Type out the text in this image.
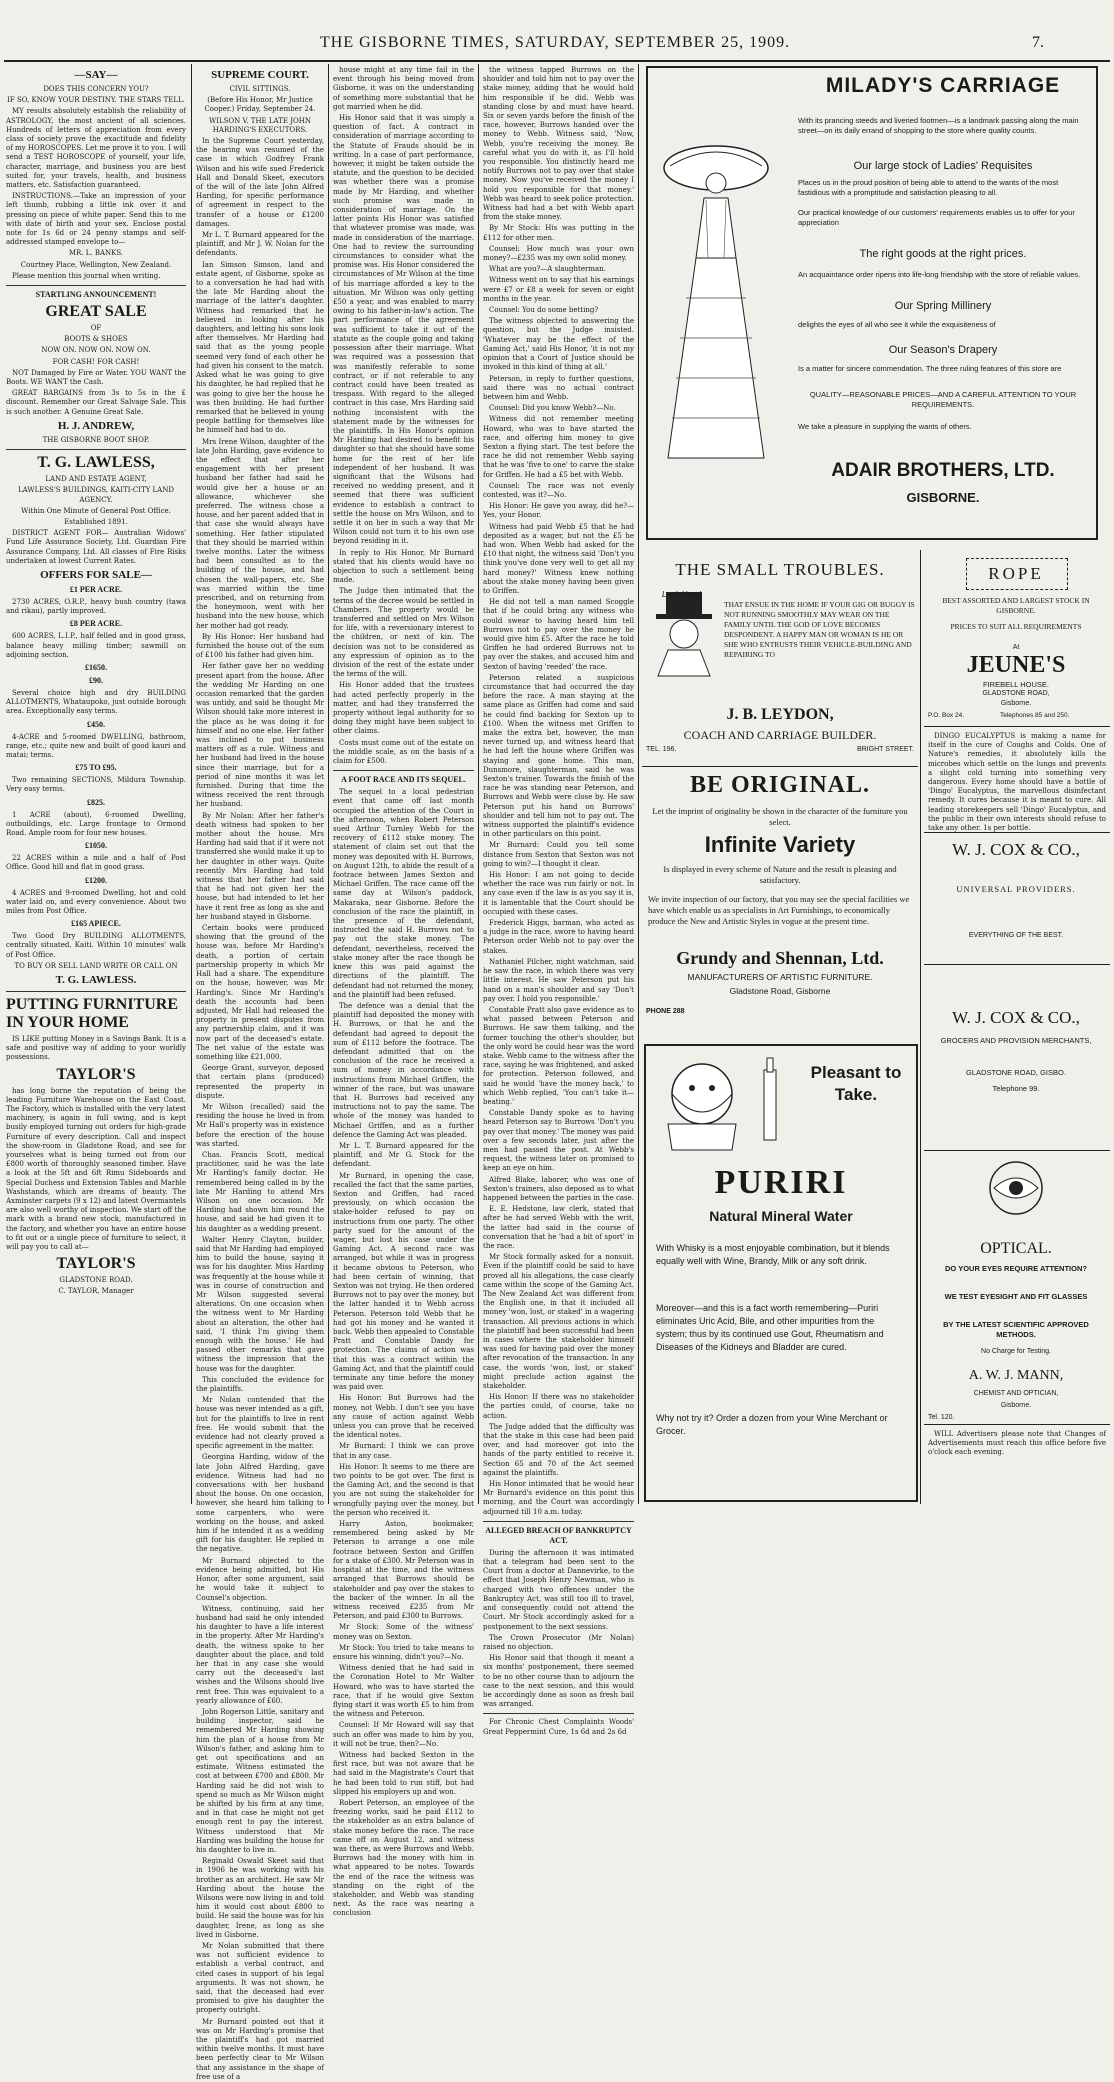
THE GISBORNE TIMES, SATURDAY, SEPTEMBER 25, 1909.	7.
—SAY—

DOES THIS CONCERN YOU?

IF SO, KNOW YOUR DESTINY. THE STARS TELL.

MY results absolutely establish the reliability of ASTROLOGY, the most ancient of all sciences. Hundreds of letters of appreciation from every class of society prove the exactitude and fidelity of my HOROSCOPES. Let me prove it to you. I will send a TEST HOROSCOPE of yourself, your life, character, marriage, and business you are best suited for, your travels, health, and business matters, etc. Satisfaction guaranteed.

INSTRUCTIONS.—Take an impression of your left thumb, rubbing a little ink over it and pressing on piece of white paper. Send this to me with date of birth and your sex. Enclose postal note for 1s 6d or 24 penny stamps and self-addressed stamped envelope to—

MR. L. BANKS.

Courtney Place, Wellington, New Zealand.

Please mention this journal when writing.

STARTLING ANNOUNCEMENT!
GREAT SALE

OF

BOOTS & SHOES

NOW ON. NOW ON. NOW ON.

FOR CASH! FOR CASH!

NOT Damaged by Fire or Water. YOU WANT the Boots. WE WANT the Cash.

GREAT BARGAINS from 3s to 5s in the £ discount. Remember our Great Salvage Sale. This is such another. A Genuine Great Sale.

H. J. ANDREW,

THE GISBORNE BOOT SHOP.

T. G. LAWLESS,

LAND AND ESTATE AGENT,

LAWLESS'S BUILDINGS, KAITI-CITY LAND AGENCY.

Within One Minute of General Post Office.

Established 1891.

DISTRICT AGENT FOR— Australian Widows' Fund Life Assurance Society, Ltd. Guardian Fire Assurance Company, Ltd. All classes of Fire Risks undertaken at lowest Current Rates.

OFFERS FOR SALE—
£1 PER ACRE.

2730 ACRES, O.R.P., heavy bush country (tawa and rikau), partly improved.

£8 PER ACRE.

600 ACRES, L.I.P., half felled and in good grass, balance heavy milling timber; sawmill on adjoining section.

£1650.
£90.

Several choice high and dry BUILDING ALLOTMENTS, Whataupoko, just outside borough area. Exceptionally easy terms.

£450.

4-ACRE and 5-roomed DWELLING, bathroom, range, etc.; quite new and built of good kauri and matai; terms.

£75 TO £95.

Two remaining SECTIONS, Mildura Township. Very easy terms.

£825.

1 ACRE (about), 6-roomed Dwelling, outbuildings, etc. Large frontage to Ormond Road. Ample room for four new houses.

£1050.

22 ACRES within a mile and a half of Post Office. Good hill and flat in good grass.

£1200.

4 ACRES and 9-roomed Dwelling, hot and cold water laid on, and every convenience. About two miles from Post Office.

£165 APIECE.

Two Good Dry BUILDING ALLOTMENTS, centrally situated, Kaiti. Within 10 minutes' walk of Post Office.

TO BUY OR SELL LAND WRITE OR CALL ON

T. G. LAWLESS.
PUTTING FURNITURE IN YOUR HOME

IS LIKE putting Money in a Savings Bank. It is a safe and positive way of adding to your worldly possessions.

TAYLOR'S

has long borne the reputation of being the leading Furniture Warehouse on the East Coast. The Factory, which is installed with the very latest machinery, is again in full swing, and is kept busily employed turning out orders for high-grade Furniture of every description. Call and inspect the show-room in Gladstone Road, and see for yourselves what is being turned out from our £800 worth of thoroughly seasoned timber. Have a look at the 5ft and 6ft Rimu Sideboards and Special Duchess and Extension Tables and Marble Washstands, which are dreams of beauty. The Axminster carpets (9 x 12) and latest Overmantels are also well worthy of inspection. We start off the mark with a brand new stock, manufactured in the factory, and whether you have an entire house to fit out or a single piece of furniture to select, it will pay you to call at—

TAYLOR'S

GLADSTONE ROAD.

C. TAYLOR, Manager

SUPREME COURT.

CIVIL SITTINGS.

(Before His Honor, Mr Justice Cooper.) Friday, September 24.

WILSON V. THE LATE JOHN HARDING'S EXECUTORS.

In the Supreme Court yesterday, the hearing was resumed of the case in which Godfrey Frank Wilson and his wife sued Frederick Hall and Donald Skeet, executors of the will of the late John Alfred Harding, for specific performance of agreement in respect to the transfer of a house or £1200 damages.

Mr L. T. Burnard appeared for the plaintiff, and Mr J. W. Nolan for the defendants.

Ian Simson Simson, land and estate agent, of Gisborne, spoke as to a conversation he had had with the late Mr Harding about the marriage of the latter's daughter. Witness had remarked that he believed in looking after his daughters, and letting his sons look after themselves. Mr Harding had said that as the young people seemed very fond of each other he had given his consent to the match. Asked what he was going to give his daughter, he had replied that he was going to give her the house he was then building. He had further remarked that he believed in young people battling for themselves like he himself had had to do.

Mrs Irene Wilson, daughter of the late John Harding, gave evidence to the effect that after her engagement with her present husband her father had said he would give her a house or an allowance, whichever she preferred. The witness chose a house, and her parent added that in that case she would always have something. Her father stipulated that they should be married within twelve months. Later the witness had been consulted as to the building of the house, and had chosen the wall-papers, etc. She was married within the time prescribed, and on returning from the honeymoon, went with her husband into the new house, which her mother had got ready.

By His Honor: Her husband had furnished the house out of the sum of £100 his father had given him.

Her father gave her no wedding present apart from the house. After the wedding Mr Harding on one occasion remarked that the garden was untidy, and said he thought Mr Wilson should take more interest in the place as he was doing it for himself and no one else. Her father was inclined to put business matters off as a rule. Witness and her husband had lived in the house since their marriage, but for a period of nine months it was let furnished. During that time the witness received the rent through her husband.

By Mr Nolan: After her father's death witness had spoken to her mother about the house. Mrs Harding had said that if it were not transferred she would make it up to her daughter in other ways. Quite recently Mrs Harding had told witness that her father had said that he had not given her the house, but had intended to let her have it rent free as long as she and her husband stayed in Gisborne.

Certain books were produced showing that the ground of the house was, before Mr Harding's death, a portion of certain partnership property in which Mr Hall had a share. The expenditure on the house, however, was Mr Harding's. Since Mr Harding's death the accounts had been adjusted, Mr Hall had released the property in present disputes from any partnership claim, and it was now part of the deceased's estate. The net value of the estate was something like £21,000.

George Grant, surveyor, deposed that certain plans (produced) represented the property in dispute.

Mr Wilson (recalled) said the residing the house he lived in from Mr Hall's property was in existence before the erection of the house was started.

Chas. Francis Scott, medical practitioner, said he was the late Mr Harding's family doctor. He remembered being called in by the late Mr Harding to attend Mrs Wilson on one occasion. Mr Harding had shown him round the house, and said he had given it to his daughter as a wedding present.

Walter Henry Clayton, builder, said that Mr Harding had employed him to build the house, saying it was for his daughter. Miss Harding was frequently at the house while it was in course of construction and Mr Wilson suggested several alterations. On one occasion when the witness went to Mr Harding about an alteration, the other had said, 'I think I'm giving them enough with the house.' He had passed other remarks that gave witness the impression that the house was for the daughter.

This concluded the evidence for the plaintiffs.

Mr Nolan contended that the house was never intended as a gift, but for the plaintiffs to live in rent free. He would submit that the evidence had not clearly proved a specific agreement in the matter.

Georgina Harding, widow of the late John Alfred Harding, gave evidence. Witness had had no conversations with her husband about the house. On one occasion, however, she heard him talking to some carpenters, who were working on the house, and asked him if he intended it as a wedding gift for his daughter. He replied in the negative.

Mr Burnard objected to the evidence being admitted, but His Honor, after some argument, said he would take it subject to Counsel's objection.

Witness, continuing, said her husband had said he only intended his daughter to have a life interest in the property. After Mr Harding's death, the witness spoke to her daughter about the place, and told her that in any case she would carry out the deceased's last wishes and the Wilsons should live rent free. This was equivalent to a yearly allowance of £60.

John Rogerson Little, sanitary and building inspector, said he remembered Mr Harding showing him the plan of a house from Mr Wilson's father, and asking him to get out specifications and an estimate. Witness estimated the cost at between £700 and £800. Mr Harding said he did not wish to spend so much as Mr Wilson might be shifted by his firm at any time, and in that case he might not get enough rent to pay the interest. Witness understood that Mr Harding was building the house for his daughter to live in.

Reginald Oswald Skeet said that in 1906 he was working with his brother as an architect. He saw Mr Harding about the house the Wilsons were now living in and told him it would cost about £800 to build. He said the house was for his daughter, Irene, as long as she lived in Gisborne.

Mr Nolan submitted that there was not sufficient evidence to establish a verbal contract, and cited cases in support of his legal arguments. It was not shown, he said, that the deceased had ever promised to give his daughter the property outright.

Mr Burnard pointed out that it was on Mr Harding's promise that the plaintiff's had got married within twelve months. It must have been perfectly clear to Mr Wilson that any assistance in the shape of free use of a

house might at any time fail in the event through his being moved from Gisborne, it was on the understanding of something more substantial that he got married when he did.

His Honor said that it was simply a question of fact. A contract in consideration of marriage according to the Statute of Frauds should be in writing. In a case of part performance, however, it might be taken outside the statute, and the question to be decided was whether there was a promise made by Mr Harding, and whether such promise was made in consideration of marriage. On the latter points His Honor was satisfied that whatever promise was made, was made in consideration of the marriage. One had to review the surrounding circumstances to consider what the promise was. His Honor considered the circumstances of Mr Wilson at the time of his marriage afforded a key to the situation. Mr Wilson was only getting £50 a year, and was enabled to marry owing to his father-in-law's action. The part performance of the agreement was sufficient to take it out of the statute as the couple going and taking possession after their marriage. What was required was a possession that was manifestly referable to some contract, or if not referable to any contract could have been treated as trespass. With regard to the alleged contract in this case, Mrs Harding said nothing inconsistent with the statement made by the witnesses for the plaintiffs. In His Honor's opinion Mr Harding had desired to benefit his daughter so that she should have some home for the rest of her life independent of her husband. It was significant that the Wilsons had received no wedding present, and it seemed that there was sufficient evidence to establish a contract to settle the house on Mrs Wilson, and to settle it on her in such a way that Mr Wilson could not turn it to his own use beyond residing in it.

In reply to His Honor, Mr Burnard stated that his clients would have no objection to such a settlement being made.

The Judge then intimated that the terms of the decree would be settled in Chambers. The property would be transferred and settled on Mrs Wilson for life, with a reversionary interest to the children, or next of kin. The decision was not to be considered as any expression of opinion as to the division of the rest of the estate under the terms of the will.

His Honor added that the trustees had acted perfectly properly in the matter, and had they transferred the property without legal authority for so doing they might have been subject to other claims.

Costs must come out of the estate on the middle scale, as on the basis of a claim for £500.

A FOOT RACE AND ITS SEQUEL.

The sequel to a local pedestrian event that came off last month occupied the attention of the Court in the afternoon, when Robert Peterson sued Arthur Turnley Webb for the recovery of £112 stake money. The statement of claim set out that the money was deposited with H. Burrows, on August 12th, to abide the result of a footrace between James Sexton and Michael Griffen. The race came off the same day at Wilson's paddock, Makaraka, near Gisborne. Before the conclusion of the race the plaintiff, in the presence of the defendant, instructed the said H. Burrows not to pay out the stake money. The defendant, nevertheless, received the stake money after the race though he knew this was paid against the directions of the plaintiff. The defendant had not returned the money, and the plaintiff had been refused.

The defence was a denial that the plaintiff had deposited the money with H. Burrows, or that he and the defendant had agreed to deposit the sum of £112 before the footrace. The defendant admitted that on the conclusion of the race he received a sum of money in accordance with instructions from Michael Griffen, the winner of the race, but was unaware that H. Burrows had received any instructions not to pay the same. The whole of the money was handed to Michael Griffen, and as a further defence the Gaming Act was pleaded.

Mr L. T. Burnard appeared for the plaintiff, and Mr G. Stock for the defendant.

Mr Burnard, in opening the case, recalled the fact that the same parties, Sexton and Griffen, had raced previously, on which occasion the stake-holder refused to pay on instructions from one party. The other party sued for the amount of the wager, but lost his case under the Gaming Act. A second race was arranged, but while it was in progress it became obvious to Peterson, who had been certain of winning, that Sexton was not trying. He then ordered Burrows not to pay over the money, but the latter handed it to Webb across Peterson. Peterson told Webb that he had got his money and he wanted it back. Webb then appealed to Constable Pratt and Constable Dandy for protection. The claims of action was that this was a contract within the Gaming Act, and that the plaintiff could terminate any time before the money was paid over.

His Honor: But Burrows had the money, not Webb. I don't see you have any cause of action against Webb unless you can prove that he received the identical notes.

Mr Burnard: I think we can prove that in any case.

His Honor: It seems to me there are two points to be got over. The first is the Gaming Act, and the second is that you are not suing the stakeholder for wrongfully paying over the money, but the person who received it.

Harry Aston, bookmaker, remembered being asked by Mr Peterson to arrange a one mile footrace between Sexton and Griffen for a stake of £300. Mr Peterson was in hospital at the time, and the witness arranged that Burrows should be stakeholder and pay over the stakes to the backer of the winner. In all the witness received £235 from Mr Peterson, and paid £300 to Burrows.

Mr Stock: Some of the witness' money was on Sexton.

Mr Stock: You tried to take means to ensure his winning, didn't you?—No.

Witness denied that he had said in the Coronation Hotel to Mr Walter Howard, who was to have started the race, that if he would give Sexton flying start it was worth £5 to him from the witness and Peterson.

Counsel: If Mr Howard will say that such an offer was made to him by you, it will not be true, then?—No.

Witness had backed Sexton in the first race, but was not aware that he had said in the Magistrate's Court that he had been told to run stiff, but had slipped his employers up and won.

Robert Peterson, an employee of the freezing works, said he paid £112 to the stakeholder as an extra balance of stake money before the race. The race came off on August 12, and witness was there, as were Burrows and Webb. Burrows had the money with him in what appeared to be notes. Towards the end of the race the witness was standing on the right of the stakeholder, and Webb was standing next. As the race was nearing a conclusion

the witness tapped Burrows on the shoulder and told him not to pay over the stake money, adding that he would hold him responsible if he did. Webb was standing close by and must have heard. Six or seven yards before the finish of the race, however, Burrows handed over the money to Webb. Witness said, 'Now, Webb, you're receiving the money. Be careful what you do with it, as I'll hold you responsible. You distinctly heard me notify Burrows not to pay over that stake money. Now you've received the money I hold you responsible for that money.' Webb was heard to seek police protection. Witness had had a bet with Webb apart from the stake money.

By Mr Stock: His was putting in the £112 for other men.

Counsel: How much was your own money?—£235 was my own solid money.

What are you?—A slaughterman.

Witness went on to say that his earnings were £7 or £8 a week for seven or eight months in the year.

Counsel: You do some betting?

The witness objected to answering the question, but the Judge insisted. 'Whatever may be the effect of the Gaming Act,' said His Honor, 'it is not my opinion that a Court of Justice should be invoked in this kind of thing at all.'

Peterson, in reply to further questions, said there was no actual contract between him and Webb.

Counsel: Did you know Webb?—No.

Witness did not remember meeting Howard, who was to have started the race, and offering him money to give Sexton a flying start. The test before the race he did not remember Webb saying that he was 'five to one' to carve the stake for Griffen. He had a £5 bet with Webb.

Counsel: The race was not evenly contested, was it?—No.

His Honor: He gave you away, did he?—Yes, your Honor.

Witness had paid Webb £5 that he had deposited as a wager, but not the £5 he had won. When Webb had asked for the £10 that night, the witness said 'Don't you think you've done very well to get all my hard money?' Witness knew nothing about the stake money having been given to Griffen.

He did not tell a man named Scoggle that if he could bring any witness who could swear to having heard him tell Burrows not to pay over the money he would give him £5. After the race he told Griffen he had ordered Burrows not to pay over the stakes, and accused him and Sexton of having 'reeded' the race.

Peterson related a suspicious circumstance that had occurred the day before the race. A man staying at the same place as Griffen had come and said he could find backing for Sexton up to £100. When the witness met Griffen to make the extra bet, however, the man never turned up, and witness heard that he had left the house where Griffen was staying and gone home. This man, Dunsmore, slaughterman, said he was Sexton's trainer. Towards the finish of the race he was standing near Peterson, and Burrows and Webb were close by. He saw Peterson put his hand on Burrows' shoulder and tell him not to pay out. The witness supported the plaintiff's evidence in other particulars on this point.

Mr Burnard: Could you tell some distance from Sexton that Sexton was not going to win?—I thought it clear.

His Honor: I am not going to decide whether the race was run fairly or not. In any case even if the law is as you say it is, it is lamentable that the Court should be occupied with these cases.

Frederick Higgs, barman, who acted as a judge in the race, swore to having heard Peterson order Webb not to pay over the stakes.

Nathaniel Pilcher, night watchman, said he saw the race, in which there was very little interest. He saw Peterson put his hand on a man's shoulder and say 'Don't pay over. I hold you responsible.'

Constable Pratt also gave evidence as to what passed between Peterson and Burrows. He saw them talking, and the former touching the other's shoulder, but the only word he could hear was the word stake. Webb came to the witness after the race, saying he was frightened, and asked for protection. Peterson followed, and said he would 'have the money back,' to which Webb replied, 'You can't take it—beating.'

Constable Dandy spoke as to having heard Peterson say to Burrows 'Don't you pay over that money.' The money was paid over a few seconds later, just after the men had passed the post. At Webb's request, the witness later on promised to keep an eye on him.

Alfred Blake, laborer, who was one of Sexton's trainers, also deposed as to what happened between the parties in the case.

E. E. Hedstone, law clerk, stated that after he had served Webb with the writ, the latter had said in the course of conversation that he 'had a bit of sport' in the race.

Mr Stock formally asked for a nonsuit. Even if the plaintiff could be said to have proved all his allegations, the case clearly came within the scope of the Gaming Act. The New Zealand Act was different from the English one, in that it included all money 'won, lost, or staked' in a wagering transaction. All previous actions in which the plaintiff had been successful had been in cases where the stakeholder himself was sued for having paid over the money after revocation of the transaction. In any case, the words 'won, lost, or staked' might preclude action against the stakeholder.

His Honor: If there was no stakeholder the parties could, of course, take no action.

The Judge added that the difficulty was that the stake in this case had been paid over, and had moreover got into the hands of the party entitled to receive it. Section 65 and 70 of the Act seemed against the plaintiffs.

His Honor intimated that he would hear Mr Burnard's evidence on this point this morning, and the Court was accordingly adjourned till 10 a.m. today.

ALLEGED BREACH OF BANKRUPTCY ACT.

During the afternoon it was intimated that a telegram had been sent to the Court from a doctor at Dannevirke, to the effect that Joseph Henry Newman, who is charged with two offences under the Bankruptcy Act, was still too ill to travel, and consequently could not attend the Court. Mr Stock accordingly asked for a postponement to the next sessions.

The Crown Prosecutor (Mr Nolan) raised no objection.

His Honor said that though it meant a six months' postponement, there seemed to be no other course than to adjourn the case to the next session, and this would be accordingly done as soon as fresh bail was arranged.

For Chronic Chest Complaints Woods' Great Peppermint Cure, 1s 6d and 2s 6d

MILADY'S CARRIAGE
With its prancing steeds and liveried footmen—is a landmark passing along the main street—on its daily errand of shopping to the store where quality counts.
Our large stock of Ladies' Requisites
Places us in the proud position of being able to attend to the wants of the most fastidious with a promptitude and satisfaction pleasing to all.
Our practical knowledge of our customers' requirements enables us to offer for your appreciation
The right goods at the right prices.
An acquaintance order ripens into life-long friendship with the store of reliable values.
Our Spring Millinery
delights the eyes of all who see it while the exquisiteness of
Our Season's Drapery
Is a matter for sincere commendation. The three ruling features of this store are
QUALITY—REASONABLE PRICES—AND A CAREFUL ATTENTION TO YOUR REQUIREMENTS.
We take a pleasure in supplying the wants of others.
ADAIR BROTHERS, LTD.
GISBORNE.
THE SMALL TROUBLES.
Look Here!
THAT ENSUE IN THE HOME IF YOUR GIG OR BUGGY IS NOT RUNNING SMOOTHLY MAY WEAR ON THE FAMILY UNTIL THE GOD OF LOVE BECOMES DESPONDENT. A HAPPY MAN OR WOMAN IS HE OR SHE WHO ENTRUSTS THEIR VEHICLE-BUILDING AND REPAIRING TO
J. B. LEYDON,
COACH AND CARRIAGE BUILDER.
TEL. 196.	BRIGHT STREET.
BE ORIGINAL.
Let the imprint of originality be shown in the character of the furniture you select.
Infinite Variety
Is displayed in every scheme of Nature and the result is pleasing and satisfactory.
We invite inspection of our factory, that you may see the special facilities we have which enable us as specialists in Art Furnishings, to economically produce the New and Artistic Styles in vogue at the present time.
Grundy and Shennan, Ltd.
MANUFACTURERS OF ARTISTIC FURNITURE.
Gladstone Road, Gisborne
PHONE 288
Pleasant to Take.
PURIRI
Natural Mineral Water
With Whisky is a most enjoyable combination, but it blends equally well with Wine, Brandy, Milk or any soft drink.
Moreover—and this is a fact worth remembering—Puriri eliminates Uric Acid, Bile, and other impurities from the system; thus by its continued use Gout, Rheumatism and Diseases of the Kidneys and Bladder are cured.
Why not try it? Order a dozen from your Wine Merchant or Grocer.
ROPE
BEST ASSORTED AND LARGEST STOCK IN GISBORNE.
PRICES TO SUIT ALL REQUIREMENTS
At
JEUNE'S
FIREBELL HOUSE.
GLADSTONE ROAD,
Gisborne.
P.O. Box 24.	Telephones 85 and 250.

DINGO EUCALYPTUS is making a name for itself in the cure of Coughs and Colds. One of Nature's remedies, it absolutely kills the microbes which settle on the lungs and prevents a slight cold turning into something very dangerous. Every home should have a bottle of 'Dingo' Eucalyptus, the marvellous disinfectant remedy. It cures because it is meant to cure. All leading storekeepers sell 'Dingo' Eucalyptus, and the public in their own interests should refuse to take any other. 1s per bottle.

W. J. COX & CO.,
UNIVERSAL PROVIDERS.
EVERYTHING OF THE BEST.
W. J. COX & CO.,
GROCERS AND PROVISION MERCHANTS,
GLADSTONE ROAD, GISBO.
Telephone 99.
OPTICAL.
DO YOUR EYES REQUIRE ATTENTION?
WE TEST EYESIGHT AND FIT GLASSES
BY THE LATEST SCIENTIFIC APPROVED METHODS.
No Charge for Testing.
A. W. J. MANN,
CHEMIST AND OPTICIAN,
Gisborne.
Tel. 120.

WILL Advertisers please note that Changes of Advertisements must reach this office before five o'clock each evening.
